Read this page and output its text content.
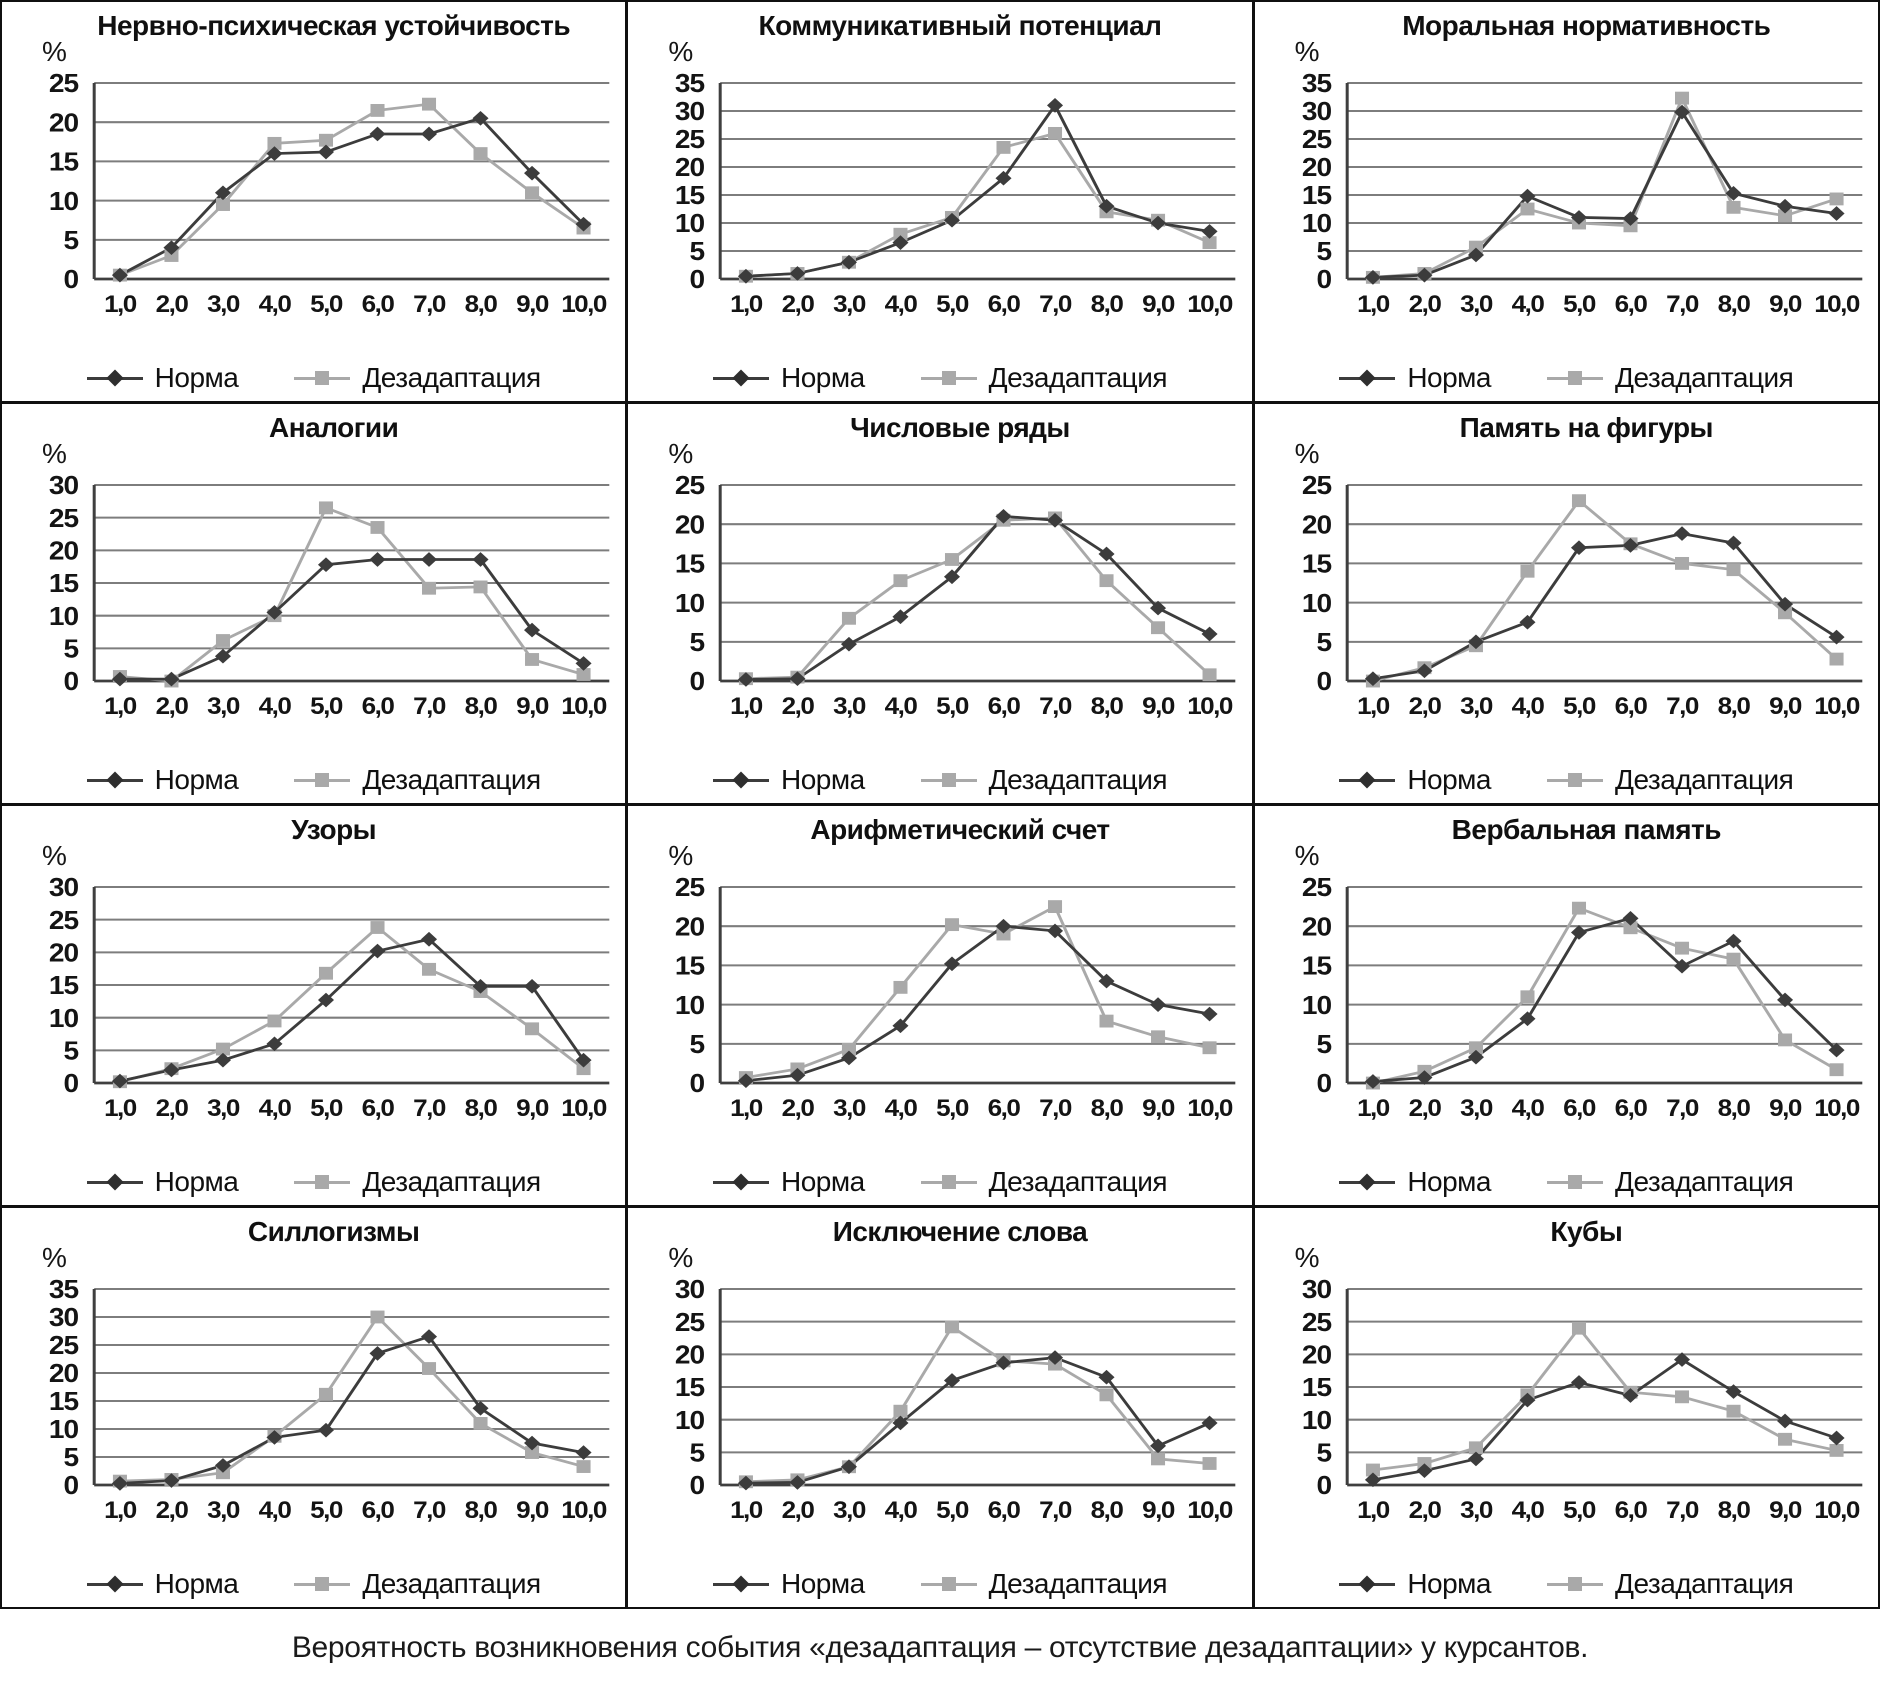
%
Нервно-психическая устойчивость
0
5
10
15
20
25
1,0 2,0 3,0 4,0 5,0 6,0 7,0 8,0 9,0 10,0
Норма	Дезадаптация
%
Коммуникативный потенциал
0
5
10
15
20
25
30
35
1,0 2,0 3,0 4,0 5,0 6,0 7,0 8,0 9,0 10,0
Норма	Дезадаптация
%
Моральная нормативность
0
5
10
15
20
25
30
35
1,0 2,0 3,0 4,0 5,0 6,0 7,0 8,0 9,0 10,0
Норма	Дезадаптация
%
Аналогии
0
5
10
15
20
25
30
1,0 2,0 3,0 4,0 5,0 6,0 7,0 8,0 9,0 10,0
Норма	Дезадаптация
%
Числовые ряды
0
5
10
15
20
25
1,0 2,0 3,0 4,0 5,0 6,0 7,0 8,0 9,0 10,0
Норма	Дезадаптация
%
Память на фигуры
0
5
10
15
20
25
1,0 2,0 3,0 4,0 5,0 6,0 7,0 8,0 9,0 10,0
Норма	Дезадаптация
%
Узоры
0
5
10
15
20
25
30
1,0 2,0 3,0 4,0 5,0 6,0 7,0 8,0 9,0 10,0
Норма	Дезадаптация
%
Арифметический счет
0
5
10
15
20
25
1,0 2,0 3,0 4,0 5,0 6,0 7,0 8,0 9,0 10,0
Норма	Дезадаптация
%
Вербальная память
0
5
10
15
20
25
1,0 2,0 3,0 4,0 6,0 6,0 7,0 8,0 9,0 10,0
Норма	Дезадаптация
%
Силлогизмы
0
5
10
15
20
25
30
35
1,0 2,0 3,0 4,0 5,0 6,0 7,0 8,0 9,0 10,0
Норма	Дезадаптация
%
Исключение слова
0
5
10
15
20
25
30
1,0 2,0 3,0 4,0 5,0 6,0 7,0 8,0 9,0 10,0
Норма	Дезадаптация
%
Кубы
0
5
10
15
20
25
30
1,0 2,0 3,0 4,0 5,0 6,0 7,0 8,0 9,0 10,0
Норма	Дезадаптация
Вероятность возникновения события «дезадаптация – отсутствие дезадаптации» у курсантов.
